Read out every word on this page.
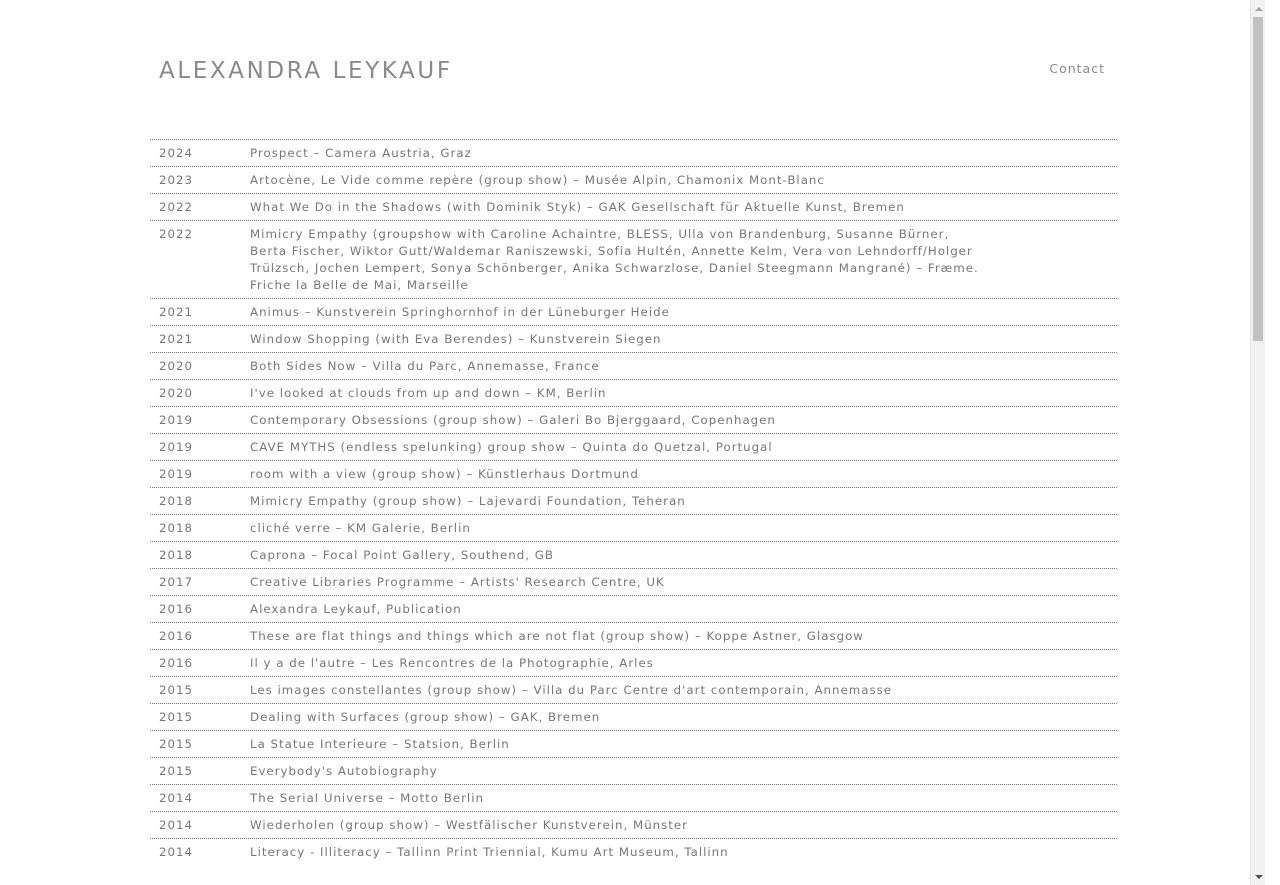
ALEXANDRA LEYKAUF	Contact
2024	Prospect – Camera Austria, Graz
2023	Artocène, Le Vide comme repère (group show) – Musée Alpin, Chamonix Mont-Blanc
2022	What We Do in the Shadows (with Dominik Styk) – GAK Gesellschaft für Aktuelle Kunst, Bremen
2022	Mimicry Empathy (groupshow with Caroline Achaintre, BLESS, Ulla von Brandenburg, Susanne Bürner, Berta Fischer, Wiktor Gutt/Waldemar Raniszewski, Sofia Hultén, Annette Kelm, Vera von Lehndorff/Holger Trülzsch, Jochen Lempert, Sonya Schönberger, Anika Schwarzlose, Daniel Steegmann Mangrané) – Fræme. Friche la Belle de Mai, Marseille
2021	Animus – Kunstverein Springhornhof in der Lüneburger Heide
2021	Window Shopping (with Eva Berendes) – Kunstverein Siegen
2020	Both Sides Now – Villa du Parc, Annemasse, France
2020	I've looked at clouds from up and down – KM, Berlin
2019	Contemporary Obsessions (group show) – Galeri Bo Bjerggaard, Copenhagen
2019	CAVE MYTHS (endless spelunking) group show – Quinta do Quetzal, Portugal
2019	room with a view (group show) – Künstlerhaus Dortmund
2018	Mimicry Empathy (group show) – Lajevardi Foundation, Teheran
2018	cliché verre – KM Galerie, Berlin
2018	Caprona – Focal Point Gallery, Southend, GB
2017	Creative Libraries Programme – Artists' Research Centre, UK
2016	Alexandra Leykauf, Publication
2016	These are flat things and things which are not flat (group show) – Koppe Astner, Glasgow
2016	Il y a de l'autre – Les Rencontres de la Photographie, Arles
2015	Les images constellantes (group show) – Villa du Parc Centre d'art contemporain, Annemasse
2015	Dealing with Surfaces (group show) – GAK, Bremen
2015	La Statue Interieure – Statsion, Berlin
2015	Everybody's Autobiography
2014	The Serial Universe – Motto Berlin
2014	Wiederholen (group show) – Westfälischer Kunstverein, Münster
2014	Literacy - Illiteracy – Tallinn Print Triennial, Kumu Art Museum, Tallinn
